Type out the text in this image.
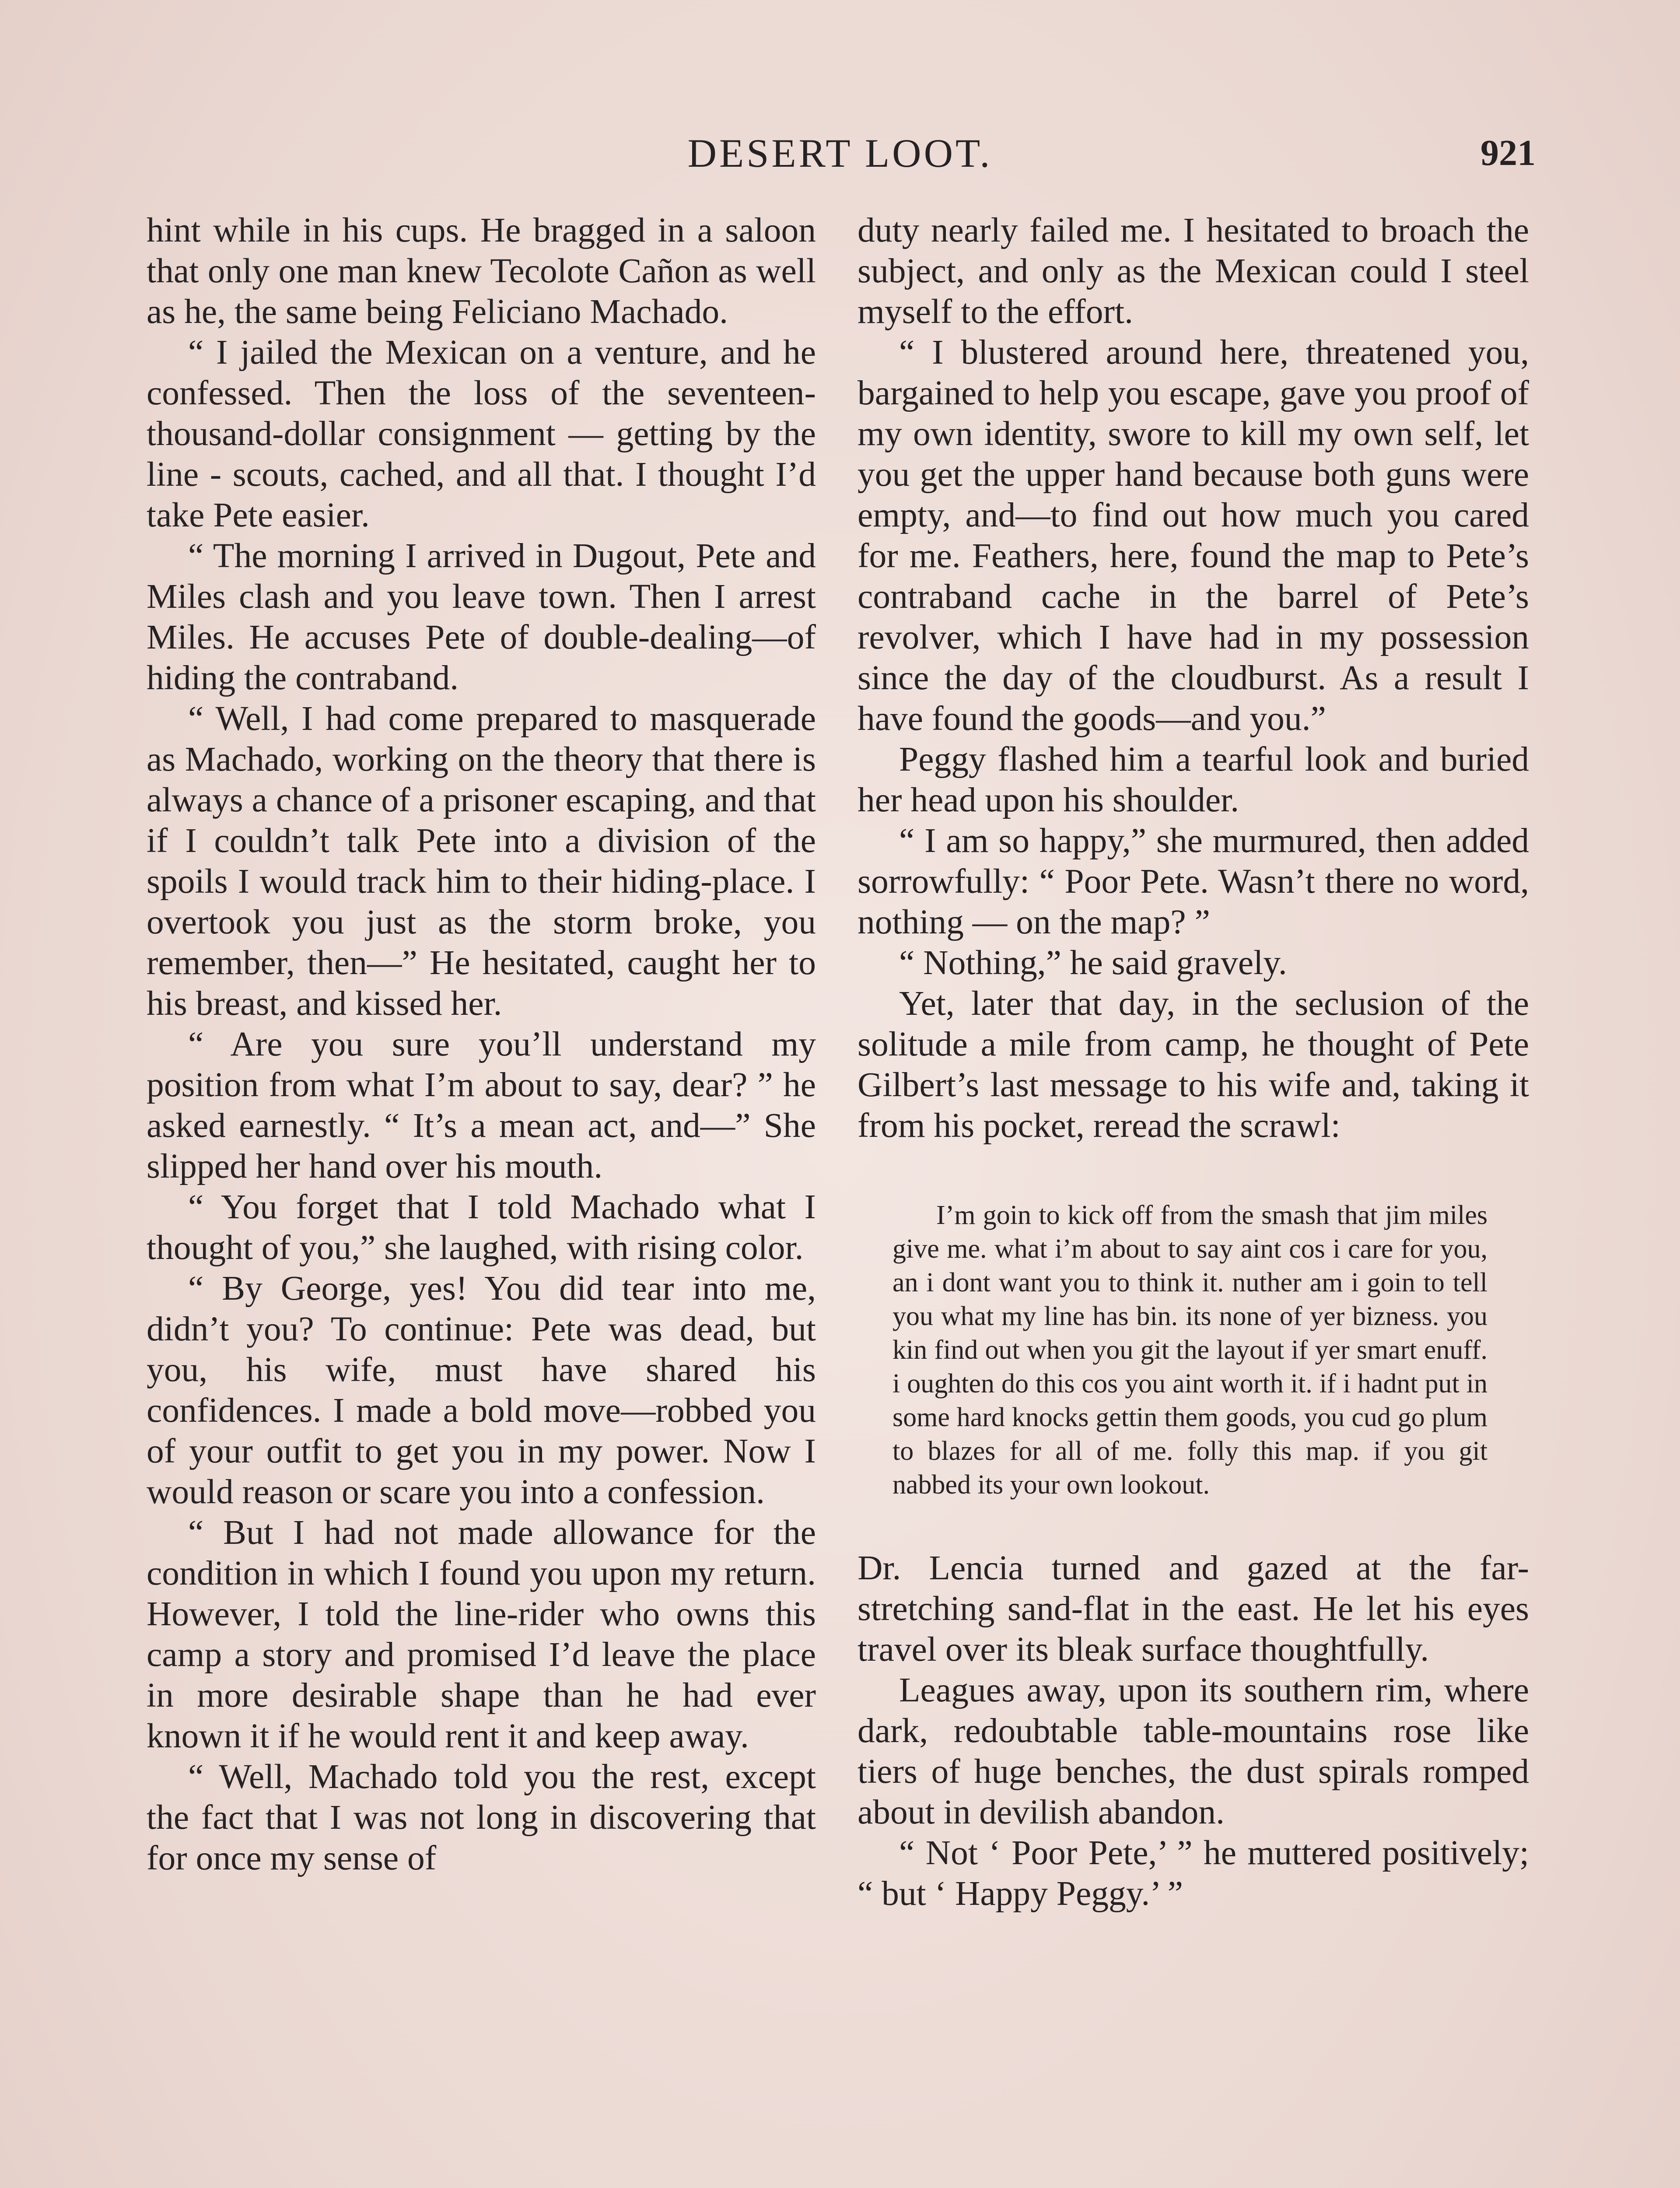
DESERT LOOT.	921

hint while in his cups. He bragged in a saloon that only one man knew Tecolote Cañon as well as he, the same being Feliciano Machado.

“ I jailed the Mexican on a venture, and he confessed. Then the loss of the seventeen-thousand-dollar consignment — getting by the line - scouts, cached, and all that. I thought I’d take Pete easier.

“ The morning I arrived in Dugout, Pete and Miles clash and you leave town. Then I arrest Miles. He accuses Pete of double-dealing—of hiding the contraband.

“ Well, I had come prepared to masquerade as Machado, working on the theory that there is always a chance of a prisoner escaping, and that if I couldn’t talk Pete into a division of the spoils I would track him to their hiding-place. I overtook you just as the storm broke, you remember, then—” He hesitated, caught her to his breast, and kissed her.

“ Are you sure you’ll understand my position from what I’m about to say, dear? ” he asked earnestly. “ It’s a mean act, and—” She slipped her hand over his mouth.

“ You forget that I told Machado what I thought of you,” she laughed, with rising color.

“ By George, yes! You did tear into me, didn’t you? To continue: Pete was dead, but you, his wife, must have shared his confidences. I made a bold move—robbed you of your outfit to get you in my power. Now I would reason or scare you into a confession.

“ But I had not made allowance for the condition in which I found you upon my return. However, I told the line-rider who owns this camp a story and promised I’d leave the place in more desirable shape than he had ever known it if he would rent it and keep away.

“ Well, Machado told you the rest, except the fact that I was not long in discovering that for once my sense of

duty nearly failed me. I hesitated to broach the subject, and only as the Mexican could I steel myself to the effort.

“ I blustered around here, threatened you, bargained to help you escape, gave you proof of my own identity, swore to kill my own self, let you get the upper hand because both guns were empty, and—to find out how much you cared for me. Feathers, here, found the map to Pete’s contraband cache in the barrel of Pete’s revolver, which I have had in my possession since the day of the cloudburst. As a result I have found the goods—and you.”

Peggy flashed him a tearful look and buried her head upon his shoulder.

“ I am so happy,” she murmured, then added sorrowfully: “ Poor Pete. Wasn’t there no word, nothing — on the map? ”

“ Nothing,” he said gravely.

Yet, later that day, in the seclusion of the solitude a mile from camp, he thought of Pete Gilbert’s last message to his wife and, taking it from his pocket, reread the scrawl:

I’m goin to kick off from the smash that jim miles give me. what i’m about to say aint cos i care for you, an i dont want you to think it. nuther am i goin to tell you what my line has bin. its none of yer bizness. you kin find out when you git the layout if yer smart enuff. i oughten do this cos you aint worth it. if i hadnt put in some hard knocks gettin them goods, you cud go plum to blazes for all of me. folly this map. if you git nabbed its your own lookout.

Dr. Lencia turned and gazed at the far-stretching sand-flat in the east. He let his eyes travel over its bleak surface thoughtfully.

Leagues away, upon its southern rim, where dark, redoubtable table-mountains rose like tiers of huge benches, the dust spirals romped about in devilish abandon.

“ Not ‘ Poor Pete,’ ” he muttered positively; “ but ‘ Happy Peggy.’ ”
